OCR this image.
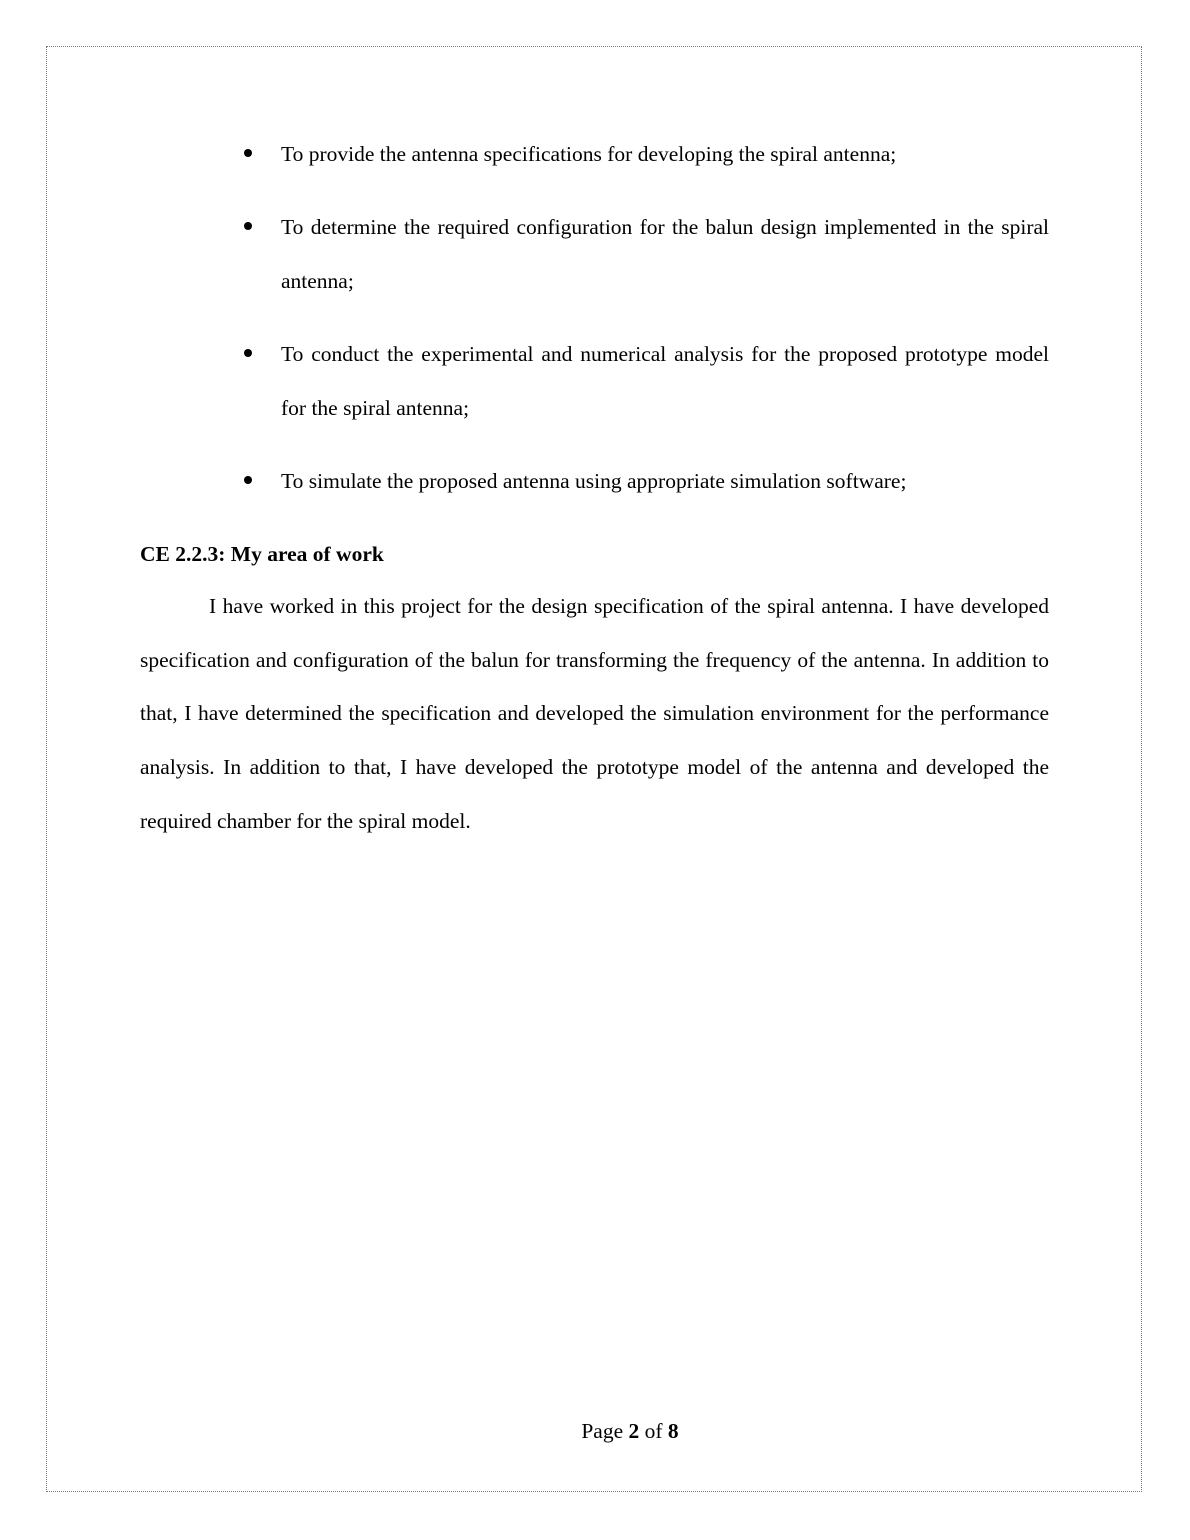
To provide the antenna specifications for developing the spiral antenna;
To determine the required configuration for the balun design implemented in the spiral antenna;
To conduct the experimental and numerical analysis for the proposed prototype model for the spiral antenna;
To simulate the proposed antenna using appropriate simulation software;
CE 2.2.3: My area of work

I have worked in this project for the design specification of the spiral antenna. I have developed specification and configuration of the balun for transforming the frequency of the antenna. In addition to that, I have determined the specification and developed the simulation environment for the performance analysis. In addition to that, I have developed the prototype model of the antenna and developed the required chamber for the spiral model.

Page 2 of 8
